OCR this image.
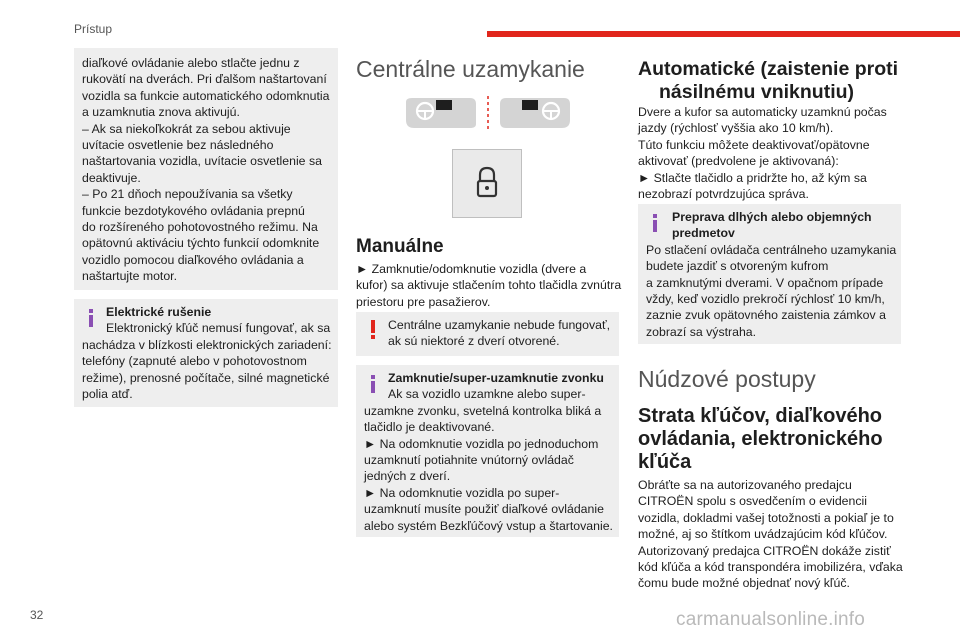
Prístup
32	carmanualsonline.info

diaľkové ovládanie alebo stlačte jednu z

rukovätí na dverách. Pri ďalšom naštartovaní

vozidla sa funkcie automatického odomknutia

a uzamknutia znova aktivujú.

– Ak sa niekoľkokrát za sebou aktivuje

uvítacie osvetlenie bez následného

naštartovania vozidla, uvítacie osvetlenie sa

deaktivuje.

– Po 21 dňoch nepoužívania sa všetky

funkcie bezdotykového ovládania prepnú

do rozšíreného pohotovostného režimu. Na

opätovnú aktiváciu týchto funkcií odomknite

vozidlo pomocou diaľkového ovládania a

naštartujte motor.

Elektrické rušenie

Elektronický kľúč nemusí fungovať, ak sa

nachádza v blízkosti elektronických zariadení:

telefóny (zapnuté alebo v pohotovostnom

režime), prenosné počítače, silné magnetické

polia atď.

Centrálne uzamykanie
Manuálne

► Zamknutie/odomknutie vozidla (dvere a

kufor) sa aktivuje stlačením tohto tlačidla zvnútra

priestoru pre pasažierov.

Centrálne uzamykanie nebude fungovať,

ak sú niektoré z dverí otvorené.

Zamknutie/super-uzamknutie zvonku

Ak sa vozidlo uzamkne alebo super-

uzamkne zvonku, svetelná kontrolka bliká a

tlačidlo je deaktivované.

► Na odomknutie vozidla po jednoduchom

uzamknutí potiahnite vnútorný ovládač

jedných z dverí.

► Na odomknutie vozidla po super-

uzamknutí musíte použiť diaľkové ovládanie

alebo systém Bezkľúčový vstup a štartovanie.

Automatické (zaistenie proti
násilnému vniknutiu)

Dvere a kufor sa automaticky uzamknú počas

jazdy (rýchlosť vyššia ako 10 km/h).

Túto funkciu môžete deaktivovať/opätovne

aktivovať (predvolene je aktivovaná):

► Stlačte tlačidlo a pridržte ho, až kým sa

nezobrazí potvrdzujúca správa.

Preprava dlhých alebo objemných

predmetov

Po stlačení ovládača centrálneho uzamykania

budete jazdiť s otvoreným kufrom

a zamknutými dverami. V opačnom prípade

vždy, keď vozidlo prekročí rýchlosť 10 km/h,

zaznie zvuk opätovného zaistenia zámkov a

zobrazí sa výstraha.

Núdzové postupy
Strata kľúčov, diaľkového
ovládania, elektronického
kľúča

Obráťte sa na autorizovaného predajcu

CITROËN spolu s osvedčením o evidencii

vozidla, dokladmi vašej totožnosti a pokiaľ je to

možné, aj so štítkom uvádzajúcim kód kľúčov.

Autorizovaný predajca CITROËN dokáže zistiť

kód kľúča a kód transpondéra imobilizéra, vďaka

čomu bude možné objednať nový kľúč.
